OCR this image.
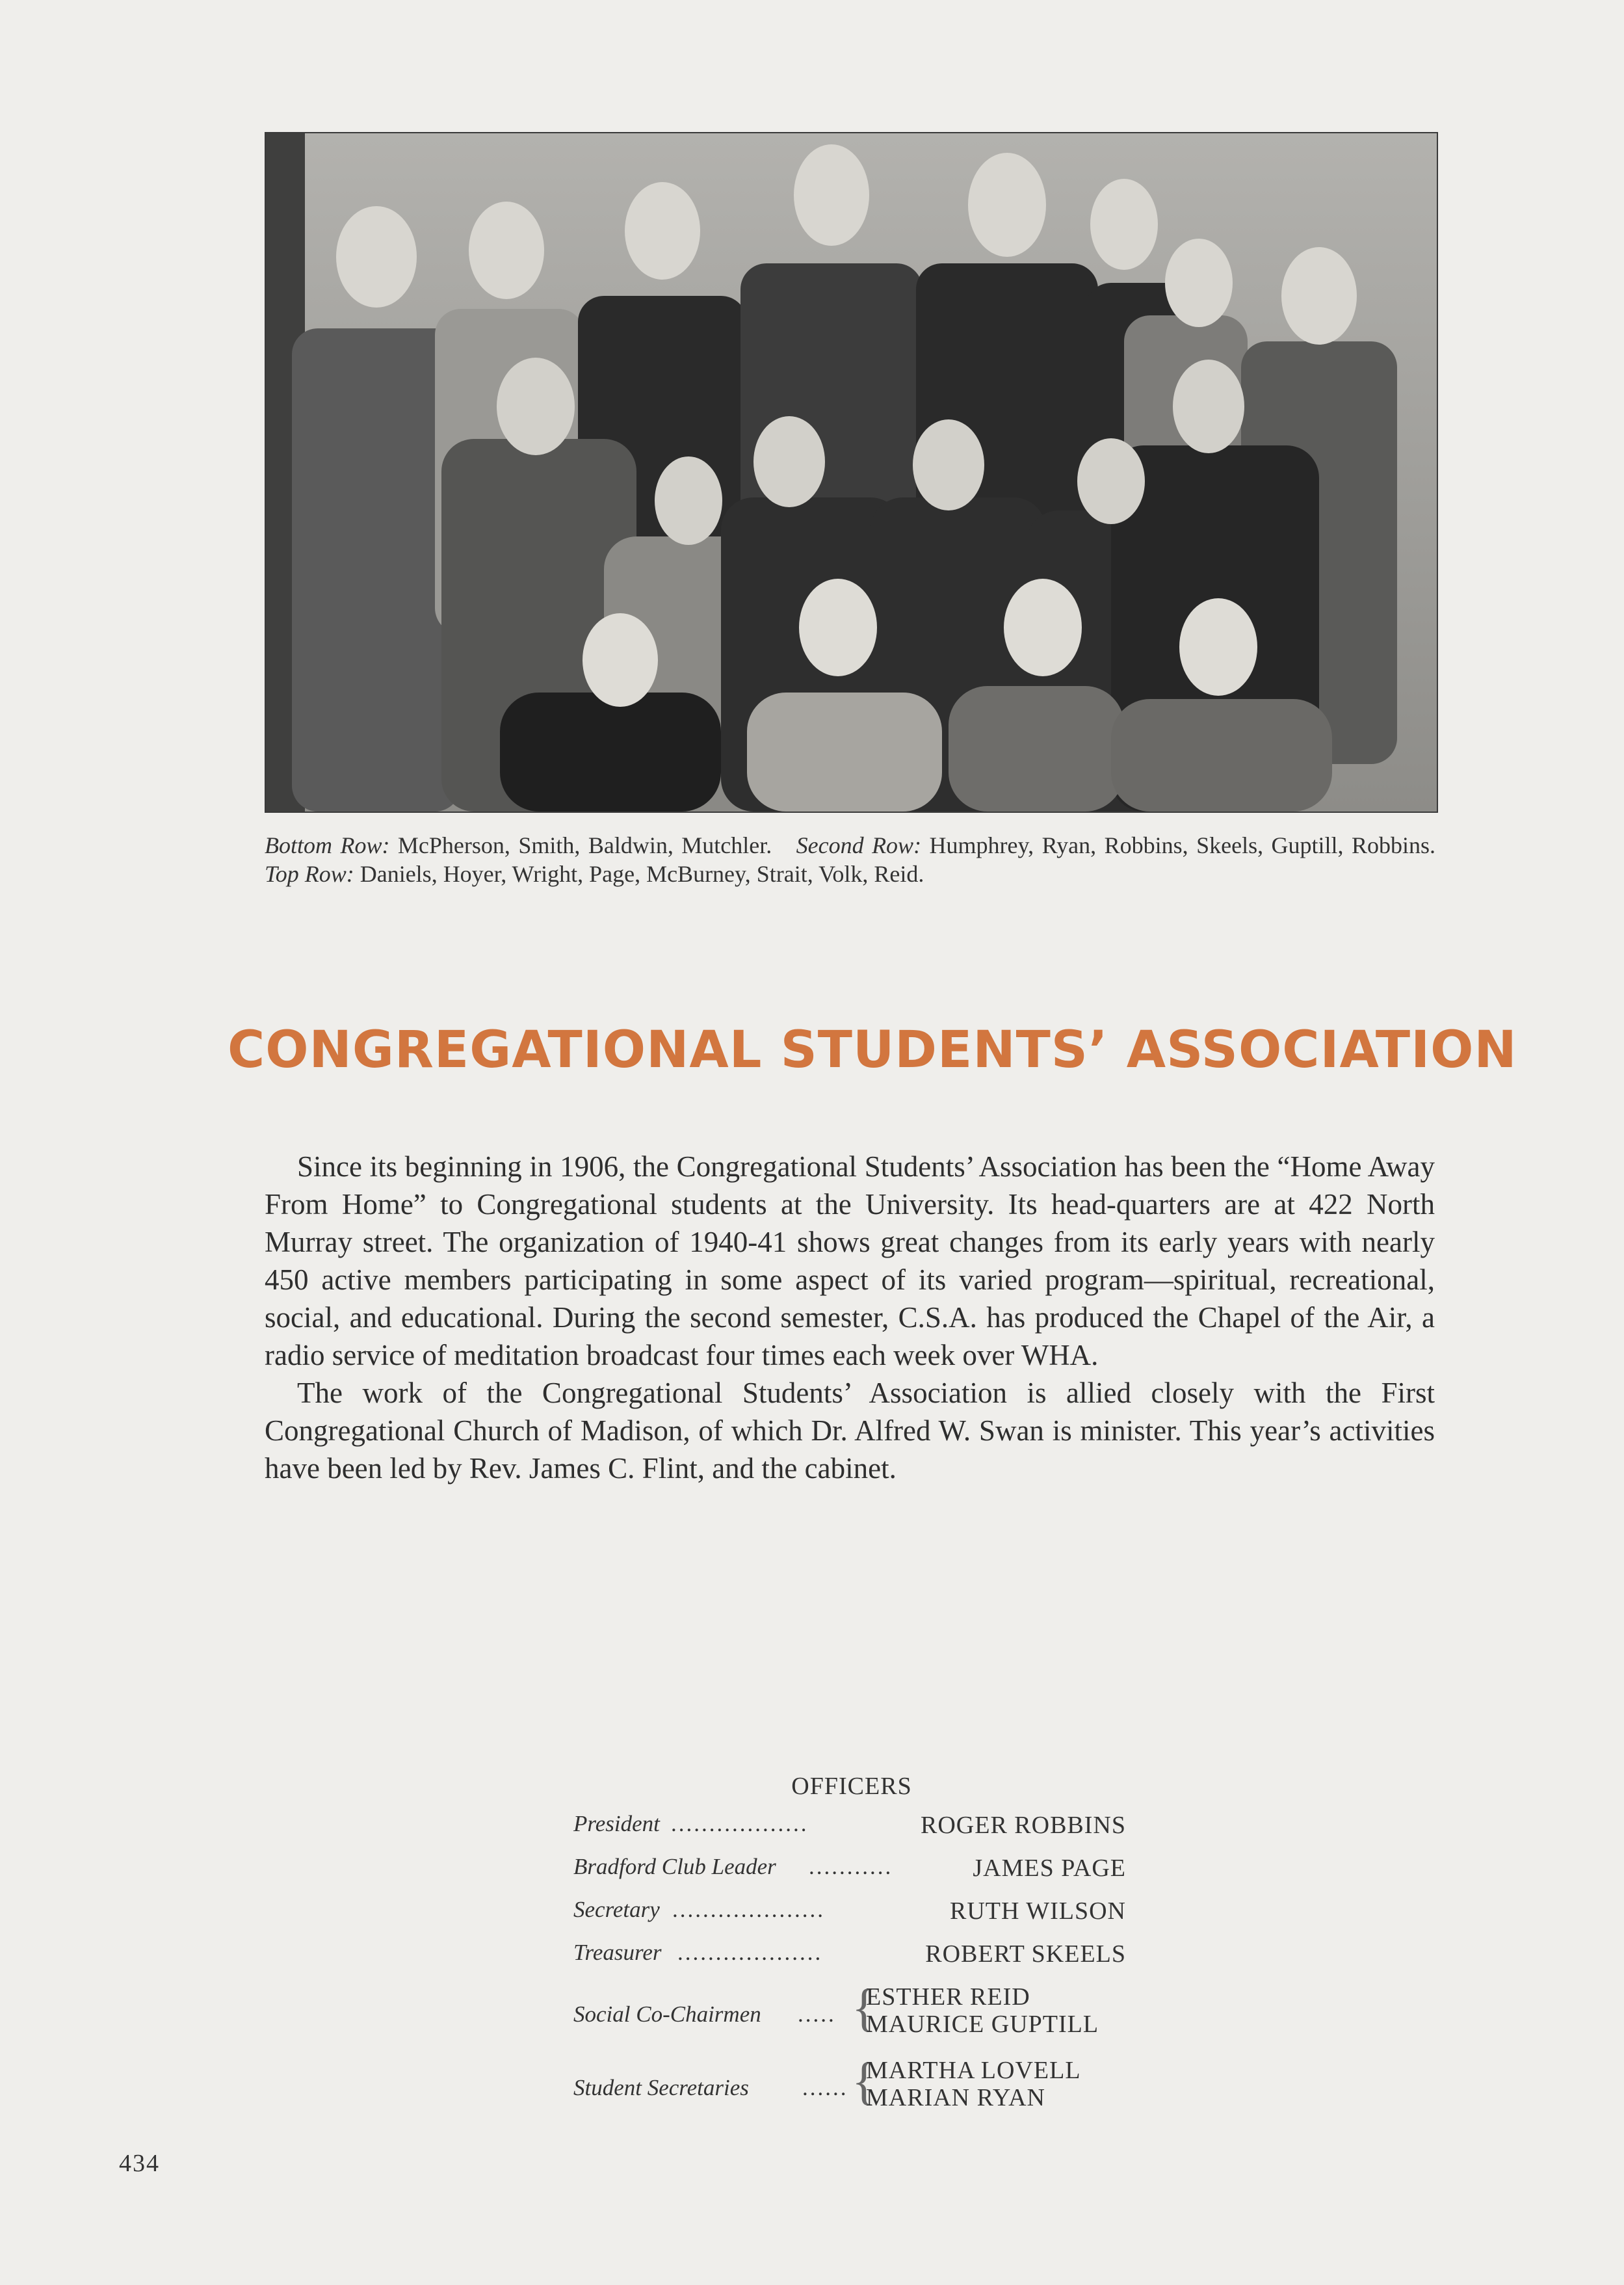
Bottom Row: McPherson, Smith, Baldwin, Mutchler. Second Row: Humphrey, Ryan, Robbins, Skeels, Guptill, Robbins. Top Row: Daniels, Hoyer, Wright, Page, McBurney, Strait, Volk, Reid.
CONGREGATIONAL STUDENTS’ ASSOCIATION

Since its beginning in 1906, the Congregational Students’ Association has been the “Home Away From Home” to Congregational students at the University. Its head-quarters are at 422 North Murray street. The organization of 1940-41 shows great changes from its early years with nearly 450 active members participating in some aspect of its varied program—spiritual, recreational, social, and educational. During the second semester, C.S.A. has produced the Chapel of the Air, a radio service of meditation broadcast four times each week over WHA.

The work of the Congregational Students’ Association is allied closely with the First Congregational Church of Madison, of which Dr. Alfred W. Swan is minister. This year’s activities have been led by Rev. James C. Flint, and the cabinet.

OFFICERS
President ..................	ROGER ROBBINS
Bradford Club Leader ...........	JAMES PAGE
Secretary ....................	RUTH WILSON
Treasurer ...................	ROBERT SKEELS
Social Co-Chairmen ..... {
ESTHER REID
MAURICE GUPTILL
Student Secretaries ...... {
MARTHA LOVELL
MARIAN RYAN
434
